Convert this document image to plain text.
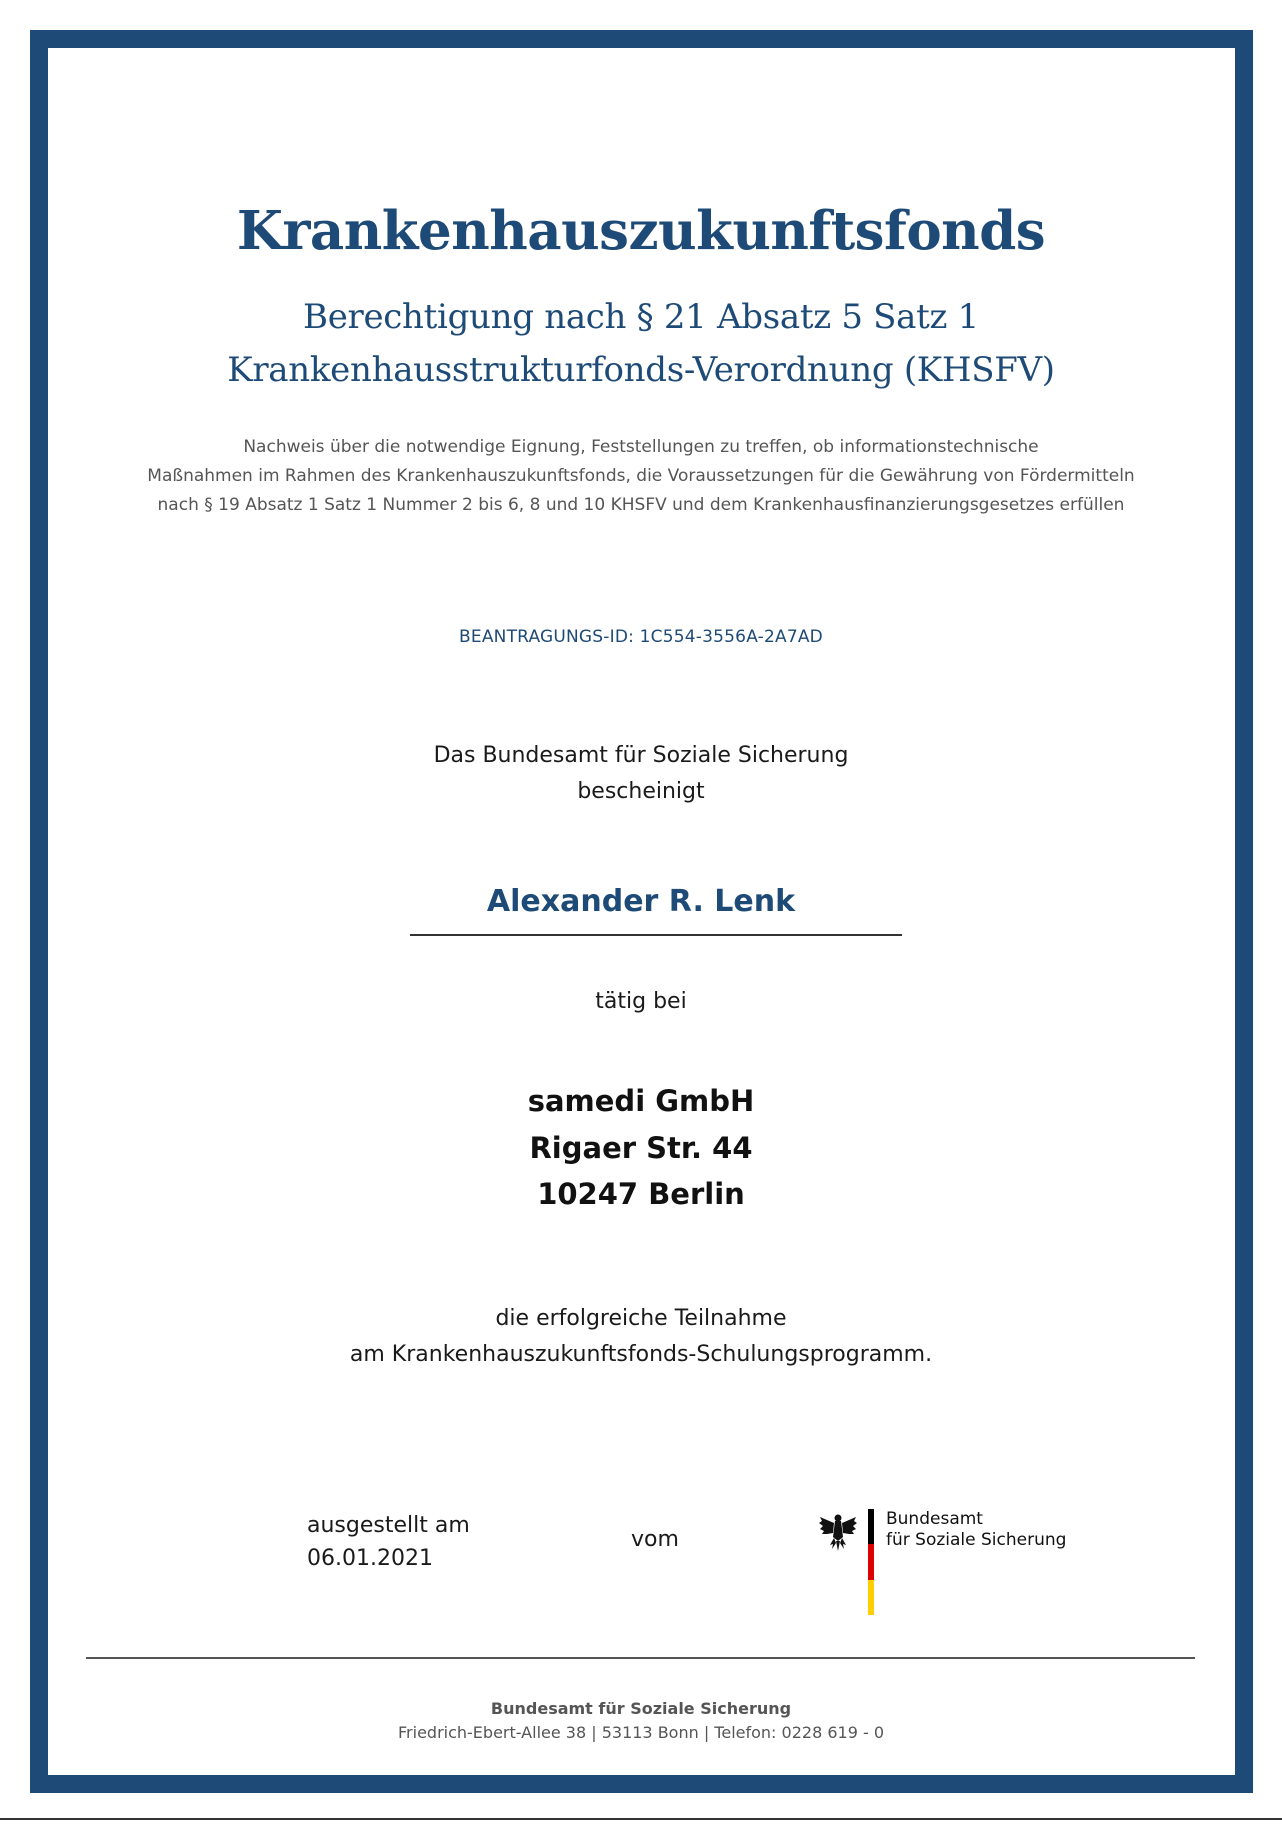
Krankenhauszukunftsfonds
Berechtigung nach § 21 Absatz 5 Satz 1
Krankenhausstrukturfonds-Verordnung (KHSFV)
Nachweis über die notwendige Eignung, Feststellungen zu treffen, ob informationstechnische
Maßnahmen im Rahmen des Krankenhauszukunftsfonds, die Voraussetzungen für die Gewährung von Fördermitteln
nach § 19 Absatz 1 Satz 1 Nummer 2 bis 6, 8 und 10 KHSFV und dem Krankenhausfinanzierungsgesetzes erfüllen
BEANTRAGUNGS-ID: 1C554-3556A-2A7AD
Das Bundesamt für Soziale Sicherung
bescheinigt
Alexander R. Lenk
tätig bei
samedi GmbH
Rigaer Str. 44
10247 Berlin
die erfolgreiche Teilnahme
am Krankenhauszukunftsfonds-Schulungsprogramm.
ausgestellt am
06.01.2021
vom
Bundesamt
für Soziale Sicherung
Bundesamt für Soziale Sicherung
Friedrich-Ebert-Allee 38 | 53113 Bonn | Telefon: 0228 619 - 0
